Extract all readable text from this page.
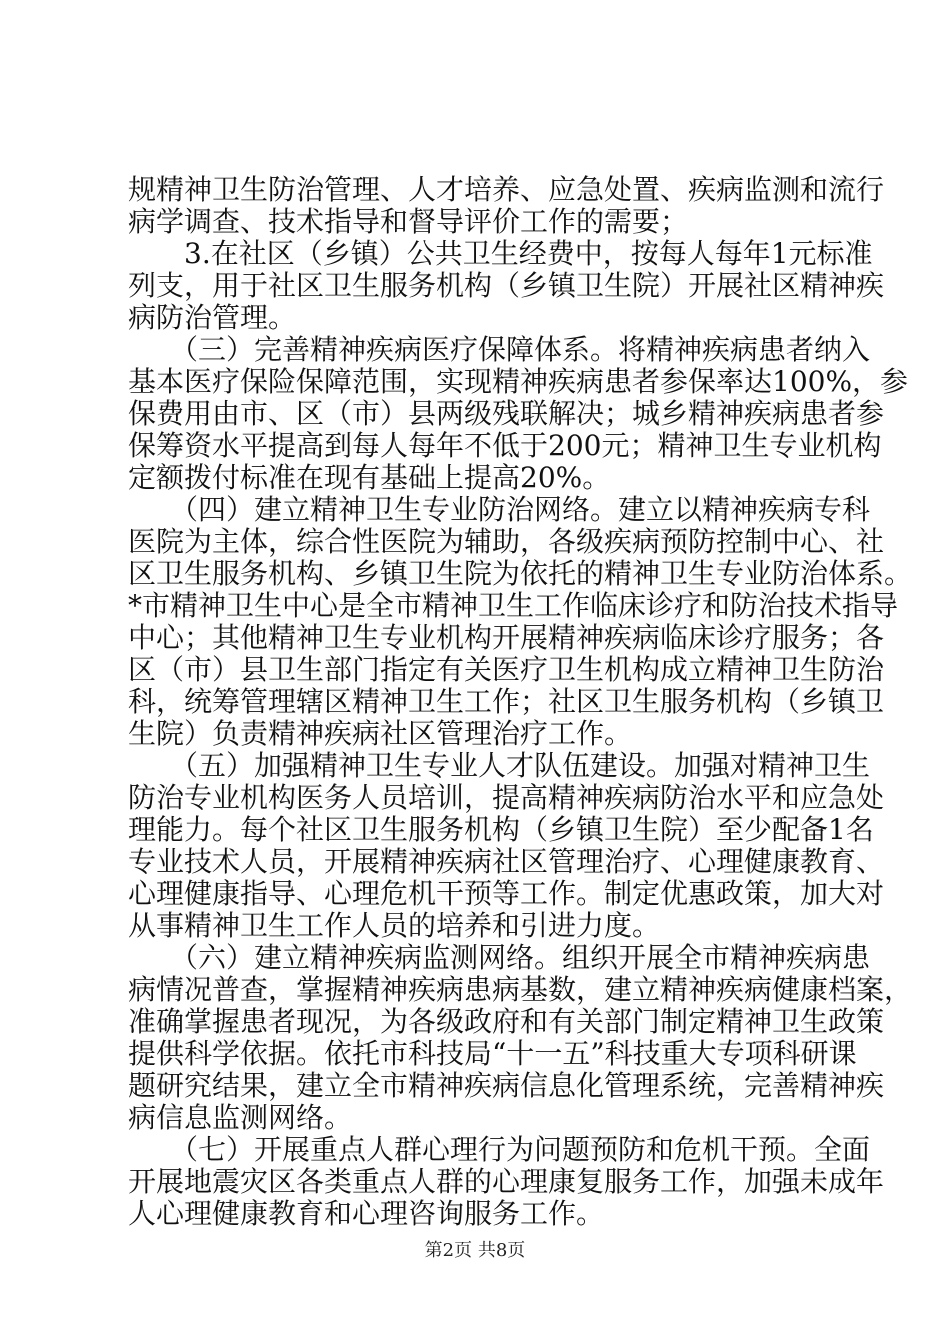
规精神卫生防治管理、人才培养、应急处置、疾病监测和流行
病学调查、技术指导和督导评价工作的需要；
　　3.在社区（乡镇）公共卫生经费中，按每人每年1元标准
列支，用于社区卫生服务机构（乡镇卫生院）开展社区精神疾
病防治管理。
　　（三）完善精神疾病医疗保障体系。将精神疾病患者纳入
基本医疗保险保障范围，实现精神疾病患者参保率达100%，参
保费用由市、区（市）县两级残联解决；城乡精神疾病患者参
保筹资水平提高到每人每年不低于200元；精神卫生专业机构
定额拨付标准在现有基础上提高20%。
　　（四）建立精神卫生专业防治网络。建立以精神疾病专科
医院为主体，综合性医院为辅助，各级疾病预防控制中心、社
区卫生服务机构、乡镇卫生院为依托的精神卫生专业防治体系。
*市精神卫生中心是全市精神卫生工作临床诊疗和防治技术指导
中心；其他精神卫生专业机构开展精神疾病临床诊疗服务；各
区（市）县卫生部门指定有关医疗卫生机构成立精神卫生防治
科，统筹管理辖区精神卫生工作；社区卫生服务机构（乡镇卫
生院）负责精神疾病社区管理治疗工作。
　　（五）加强精神卫生专业人才队伍建设。加强对精神卫生
防治专业机构医务人员培训，提高精神疾病防治水平和应急处
理能力。每个社区卫生服务机构（乡镇卫生院）至少配备1名
专业技术人员，开展精神疾病社区管理治疗、心理健康教育、
心理健康指导、心理危机干预等工作。制定优惠政策，加大对
从事精神卫生工作人员的培养和引进力度。
　　（六）建立精神疾病监测网络。组织开展全市精神疾病患
病情况普查，掌握精神疾病患病基数，建立精神疾病健康档案，
准确掌握患者现况，为各级政府和有关部门制定精神卫生政策
提供科学依据。依托市科技局“十一五”科技重大专项科研课
题研究结果，建立全市精神疾病信息化管理系统，完善精神疾
病信息监测网络。
　　（七）开展重点人群心理行为问题预防和危机干预。全面
开展地震灾区各类重点人群的心理康复服务工作，加强未成年
人心理健康教育和心理咨询服务工作。
第2页 共8页
